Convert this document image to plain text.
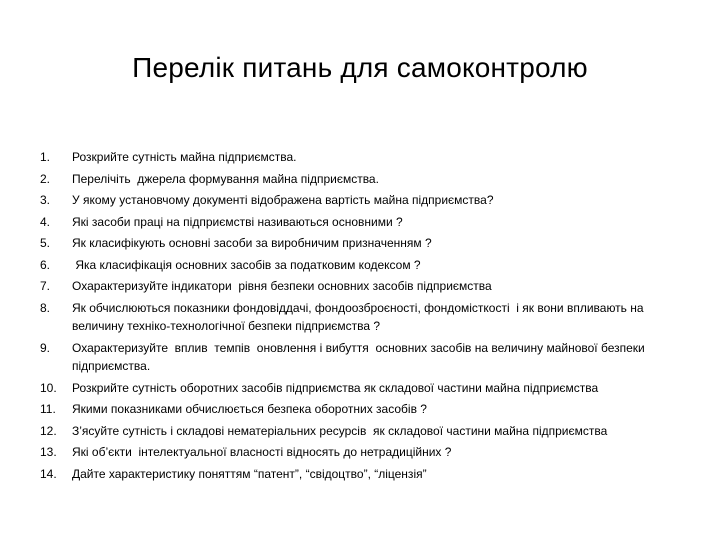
Перелік питань для самоконтролю
1.	Розкрийте сутність майна підприємства.
2.	Перелічіть  джерела формування майна підприємства.
3.	У якому установчому документі відображена вартість майна підприємства?
4.	Які засоби праці на підприємстві називаються основними ?
5.	Як класифікують основні засоби за виробничим призначенням ?
6.	Яка класифікація основних засобів за податковим кодексом ?
7.	Охарактеризуйте індикатори  рівня безпеки основних засобів підприємства
8.	Як обчислюються показники фондовіддачі, фондоозброєності, фондомісткості  і як вони впливають на величину техніко-технологічної безпеки підприємства ?
9.	Охарактеризуйте  вплив  темпів  оновлення і вибуття  основних засобів на величину майнової безпеки  підприємства.
10.	Розкрийте сутність оборотних засобів підприємства як складової частини майна підприємства
11.	Якими показниками обчислюється безпека оборотних засобів ?
12.	З’ясуйте сутність і складові нематеріальних ресурсів  як складової частини майна підприємства
13.	Які об’єкти  інтелектуальної власності відносять до нетрадиційних ?
14.	Дайте характеристику поняттям “патент”, “свідоцтво”, “ліцензія”
